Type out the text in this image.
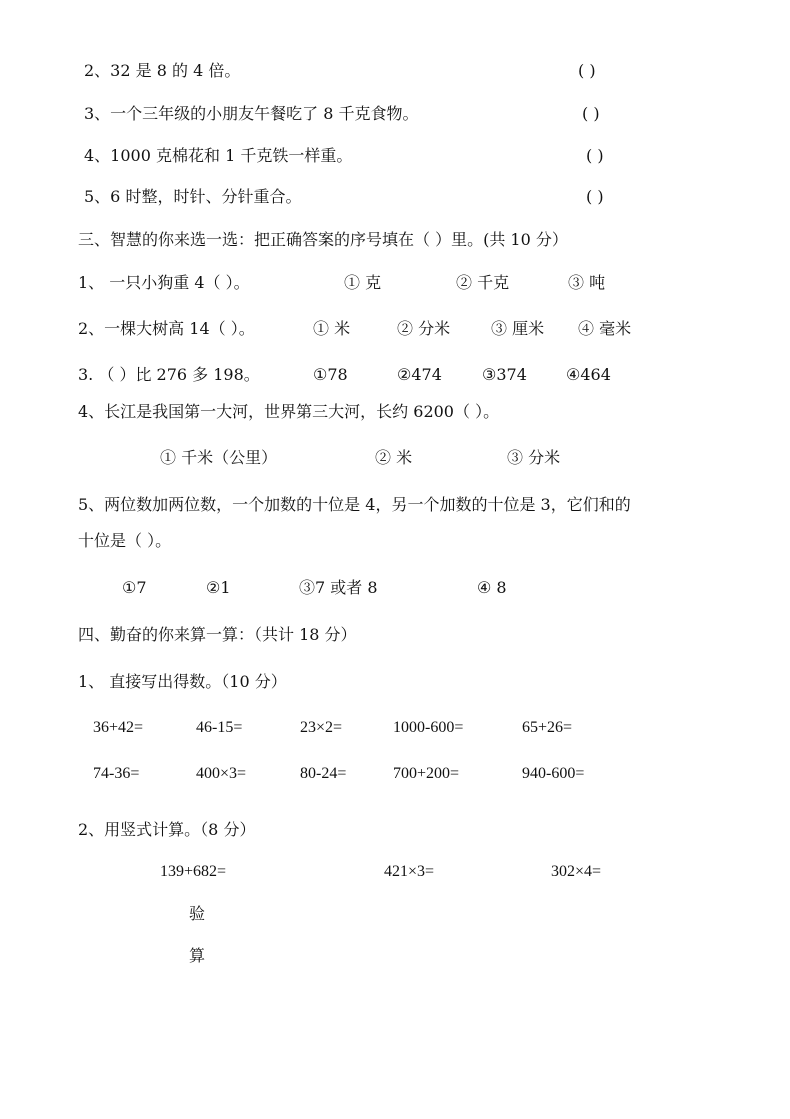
2、32 是 8 的 4 倍。	( )
3、一个三年级的小朋友午餐吃了 8 千克食物。	( )
4、1000 克棉花和 1 千克铁一样重。	( )
5、6 时整，时针、分针重合。	( )
三、智慧的你来选一选：把正确答案的序号填在（ ）里。(共 10 分）
1、 一只小狗重 4（ ）。	① 克	② 千克	③ 吨
2、一棵大树高 14（ ）。	① 米	② 分米	③ 厘米 ④ 毫米
3. （ ）比 276 多 198。	①78	②474	③374 ④464
4、长江是我国第一大河，世界第三大河，长约 6200（ ）。
① 千米（公里）	② 米	③ 分米
5、两位数加两位数，一个加数的十位是 4，另一个加数的十位是 3，它们和的
十位是（ ）。
①7	②1	③7 或者 8	④ 8
四、勤奋的你来算一算：（共计 18 分）
1、 直接写出得数。（10 分）
36+42=	46-15=	23×2=	1000-600=	65+26=
74-36=	400×3=	80-24=	700+200=	940-600=
2、用竖式计算。（8 分）
139+682=	421×3=	302×4=
验
算
